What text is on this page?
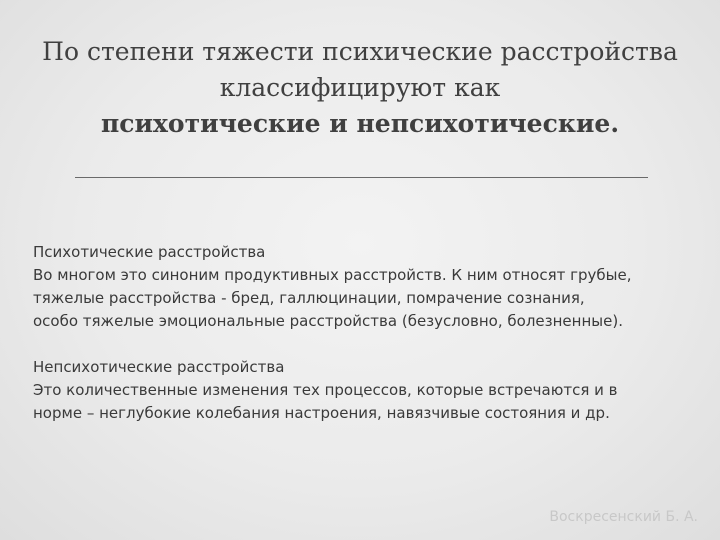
По степени тяжести психические расстройства
классифицируют как
психотические и непсихотические.
Психотические расстройства
Во многом это синоним продуктивных расстройств. К ним относят грубые,
тяжелые расстройства - бред, галлюцинации, помрачение сознания,
особо тяжелые эмоциональные расстройства (безусловно, болезненные).
Непсихотические расстройства
Это количественные изменения тех процессов, которые встречаются и в
норме – неглубокие колебания настроения, навязчивые состояния и др.
Воскресенский Б. А.
